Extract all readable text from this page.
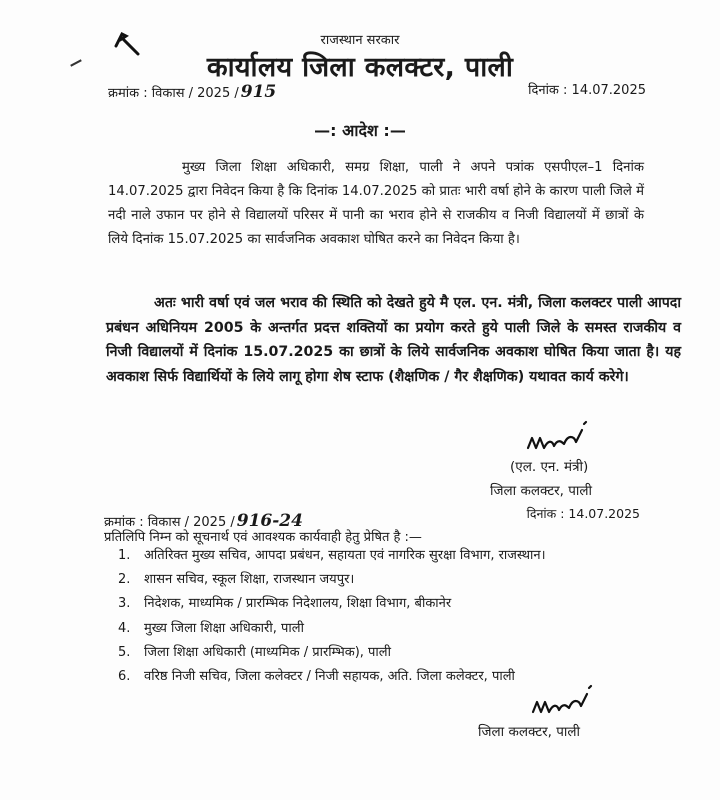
राजस्थान सरकार
कार्यालय जिला कलक्टर, पाली
क्रमांक : विकास / 2025 / 915	दिनांक : 14.07.2025
—: आदेश :—
मुख्य जिला शिक्षा अधिकारी, समग्र शिक्षा, पाली ने अपने पत्रांक एसपीएल–1 दिनांक 14.07.2025 द्वारा निवेदन किया है कि दिनांक 14.07.2025 को प्रातः भारी वर्षा होने के कारण पाली जिले में नदी नाले उफान पर होने से विद्यालयों परिसर में पानी का भराव होने से राजकीय व निजी विद्यालयों में छात्रों के लिये दिनांक 15.07.2025 का सार्वजनिक अवकाश घोषित करने का निवेदन किया है।
अतः भारी वर्षा एवं जल भराव की स्थिति को देखते हुये मै एल. एन. मंत्री, जिला कलक्टर पाली आपदा प्रबंधन अधिनियम 2005 के अन्तर्गत प्रदत्त शक्तियों का प्रयोग करते हुये पाली जिले के समस्त राजकीय व निजी विद्यालयों में दिनांक 15.07.2025 का छात्रों के लिये सार्वजनिक अवकाश घोषित किया जाता है। यह अवकाश सिर्फ विद्यार्थियों के लिये लागू होगा शेष स्टाफ (शैक्षणिक / गैर शैक्षणिक) यथावत कार्य करेगे।
(एल. एन. मंत्री)
जिला कलक्टर, पाली
क्रमांक : विकास / 2025 / 916-24	दिनांक : 14.07.2025
प्रतिलिपि निम्न को सूचनार्थ एवं आवश्यक कार्यवाही हेतु प्रेषित है :—
1. अतिरिक्त मुख्य सचिव, आपदा प्रबंधन, सहायता एवं नागरिक सुरक्षा विभाग, राजस्थान।
2. शासन सचिव, स्कूल शिक्षा, राजस्थान जयपुर।
3. निदेशक, माध्यमिक / प्रारम्भिक निदेशालय, शिक्षा विभाग, बीकानेर
4. मुख्य जिला शिक्षा अधिकारी, पाली
5. जिला शिक्षा अधिकारी (माध्यमिक / प्रारम्भिक), पाली
6. वरिष्ठ निजी सचिव, जिला कलेक्टर / निजी सहायक, अति. जिला कलेक्टर, पाली
जिला कलक्टर, पाली
